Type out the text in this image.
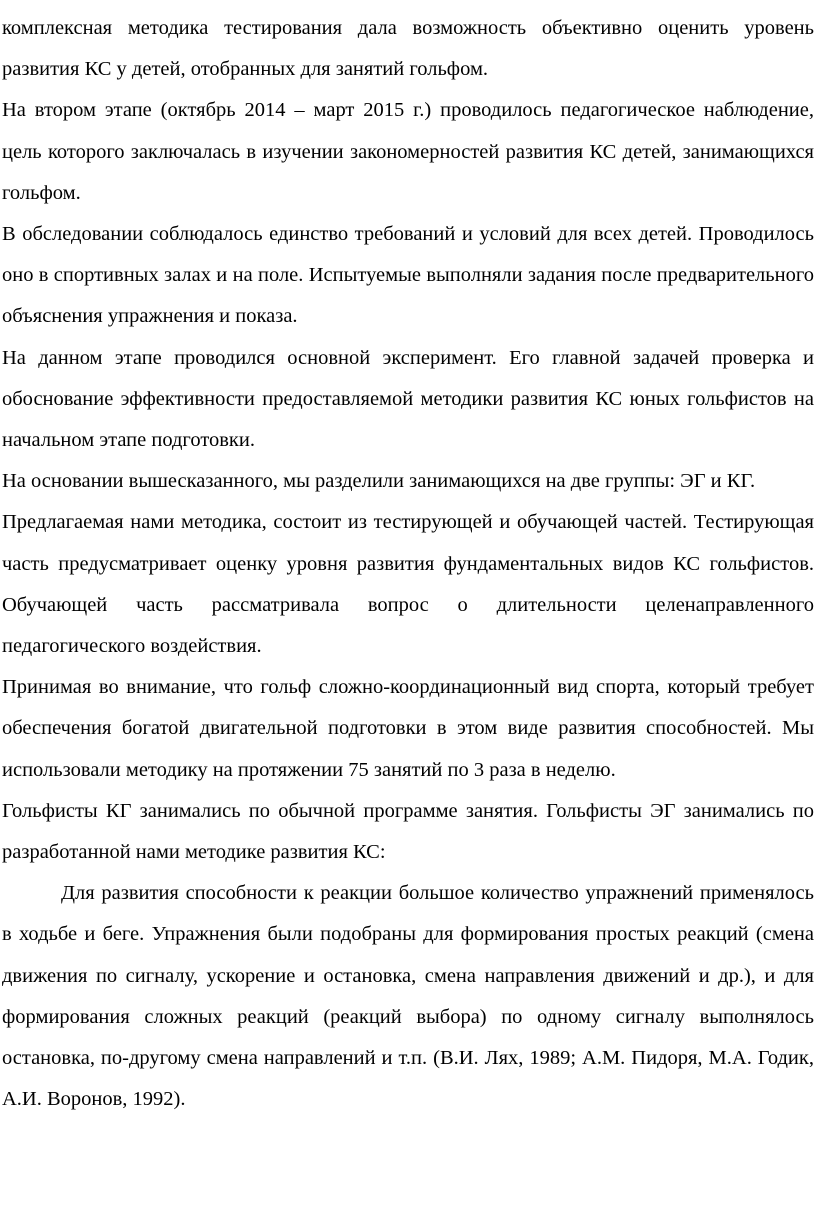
комплексная методика тестирования дала возможность объективно оценить уровень развития КС у детей, отобранных для занятий гольфом.

На втором этапе (октябрь 2014 – март 2015 г.) проводилось педагогическое наблюдение, цель которого заключалась в изучении закономерностей развития КС детей, занимающихся гольфом.

В обследовании соблюдалось единство требований и условий для всех детей. Проводилось оно в спортивных залах и на поле. Испытуемые выполняли задания после предварительного объяснения упражнения и показа.

На данном этапе проводился основной эксперимент. Его главной задачей проверка и обоснование эффективности предоставляемой методики развития КС юных гольфистов на начальном этапе подготовки.

На основании вышесказанного, мы разделили занимающихся на две группы: ЭГ и КГ.

Предлагаемая нами методика, состоит из тестирующей и обучающей частей. Тестирующая часть предусматривает оценку уровня развития фундаментальных видов КС гольфистов. Обучающей часть рассматривала вопрос о длительности целенаправленного педагогического воздействия.

Принимая во внимание, что гольф сложно-координационный вид спорта, который требует обеспечения богатой двигательной подготовки в этом виде развития способностей. Мы использовали методику на протяжении 75 занятий по 3 раза в неделю.

Гольфисты КГ занимались по обычной программе занятия. Гольфисты ЭГ занимались по разработанной нами методике развития КС:

Для развития способности к реакции большое количество упражнений применялось в ходьбе и беге. Упражнения были подобраны для формирования простых реакций (смена движения по сигналу, ускорение и остановка, смена направления движений и др.), и для формирования сложных реакций (реакций выбора) по одному сигналу выполнялось остановка, по-другому смена направлений и т.п. (В.И. Лях, 1989; А.М. Пидоря, М.А. Годик, А.И. Воронов, 1992).
